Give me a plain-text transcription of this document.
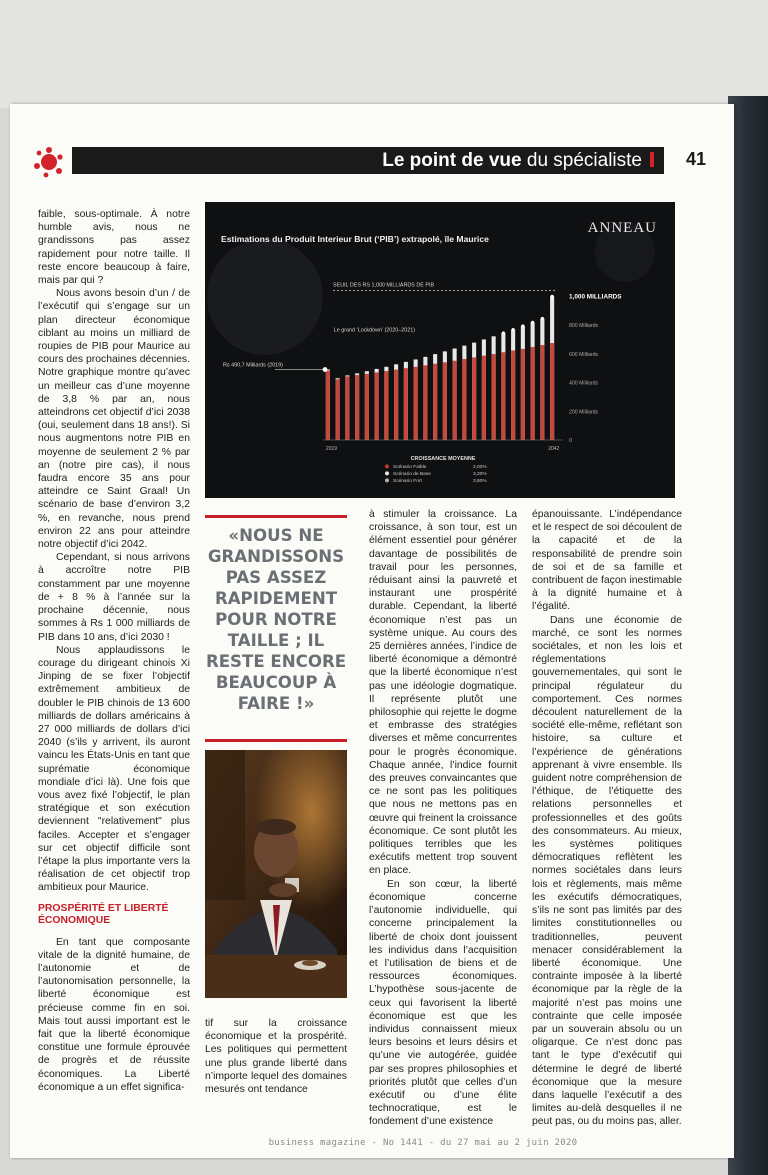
Le point de vue du spécialiste	41

faible, sous-optimale. À notre humble avis, nous ne grandissons pas assez rapidement pour notre taille. Il reste encore beaucoup à faire, mais par qui ?

Nous avons besoin d’un / de l’exécutif qui s’engage sur un plan directeur économique ciblant au moins un milliard de roupies de PIB pour Maurice au cours des prochaines décennies. Notre graphique montre qu’avec un meilleur cas d’une moyenne de 3,8 % par an, nous atteindrons cet objectif d’ici 2038 (oui, seulement dans 18 ans!). Si nous augmentons notre PIB en moyenne de seulement 2 % par an (notre pire cas), il nous faudra encore 35 ans pour atteindre ce Saint Graal! Un scénario de base d’environ 3,2 %, en revanche, nous prend environ 22 ans pour atteindre notre objectif d’ici 2042.

Cependant, si nous arrivons à accroître notre PIB constamment par une moyenne de + 8 % à l’année sur la prochaine décennie, nous sommes à Rs 1 000 milliards de PIB dans 10 ans, d’ici 2030 !

Nous applaudissons le courage du dirigeant chinois Xi Jinping de se fixer l’objectif extrêmement ambitieux de doubler le PIB chinois de 13 600 milliards de dollars américains à 27 000 milliards de dollars d’ici 2040 (s’ils y arrivent, ils auront vaincu les États-Unis en tant que suprématie économique mondiale d’ici là). Une fois que vous avez fixé l’objectif, le plan stratégique et son exécution deviennent "relativement" plus faciles. Accepter et s’engager sur cet objectif difficile sont l’étape la plus importante vers la réalisation de cet objectif trop ambitieux pour Maurice.

PROSPÉRITÉ ET LIBERTÉ ÉCONOMIQUE

En tant que composante vitale de la dignité humaine, de l’autonomie et de l’autonomisation personnelle, la liberté économique est précieuse comme fin en soi. Mais tout aussi important est le fait que la liberté économique constitue une formule éprouvée de progrès et de réussite économiques. La Liberté économique a un effet significa-

ANNEAU
Estimations du Produit Interieur Brut (‘PIB’) extrapolé, île Maurice
1,000 MILLIARDS
800 Milliards
600 Milliards
400 Milliards
200 Milliards
0
SEUIL DES RS 1,000 MILLIARDS DE PIB
Rs 490,7 Milliards (2019)
Le grand ‘Lockdown’ (2020–2021)
2019	2042
CROISSANCE MOYENNE
Scénario Faible	2,00%
Scénario de Base	3,20%
Scénario Fort	3,80%
«NOUS NE GRANDISSONS PAS ASSEZ RAPIDEMENT POUR NOTRE TAILLE ; IL RESTE ENCORE BEAUCOUP À FAIRE !»

tif sur la croissance économique et la prospérité. Les politiques qui permettent une plus grande liberté dans n’importe lequel des domaines mesurés ont tendance

à stimuler la croissance. La croissance, à son tour, est un élément essentiel pour générer davantage de possibilités de travail pour les personnes, réduisant ainsi la pauvreté et instaurant une prospérité durable. Cependant, la liberté économique n’est pas un système unique. Au cours des 25 dernières années, l’indice de liberté économique a démontré que la liberté économique n’est pas une idéologie dogmatique. Il représente plutôt une philosophie qui rejette le dogme et embrasse des stratégies diverses et même concurrentes pour le progrès économique. Chaque année, l’indice fournit des preuves convaincantes que ce ne sont pas les politiques que nous ne mettons pas en œuvre qui freinent la croissance économique. Ce sont plutôt les politiques terribles que les exécutifs mettent trop souvent en place.

En son cœur, la liberté économique concerne l’autonomie individuelle, qui concerne principalement la liberté de choix dont jouissent les individus dans l’acquisition et l’utilisation de biens et de ressources économiques. L’hypothèse sous-jacente de ceux qui favorisent la liberté économique est que les individus connaissent mieux leurs besoins et leurs désirs et qu’une vie autogérée, guidée par ses propres philosophies et priorités plutôt que celles d’un exécutif ou d’une élite technocratique, est le fondement d’une existence

épanouissante. L’indépendance et le respect de soi découlent de la capacité et de la responsabilité de prendre soin de soi et de sa famille et contribuent de façon inestimable à la dignité humaine et à l’égalité.

Dans une économie de marché, ce sont les normes sociétales, et non les lois et réglementations gouvernementales, qui sont le principal régulateur du comportement. Ces normes découlent naturellement de la société elle-même, reflétant son histoire, sa culture et l’expérience de générations apprenant à vivre ensemble. Ils guident notre compréhension de l’éthique, de l’étiquette des relations personnelles et professionnelles et des goûts des consommateurs. Au mieux, les systèmes politiques démocratiques reflètent les normes sociétales dans leurs lois et règlements, mais même les exécutifs démocratiques, s’ils ne sont pas limités par des limites constitutionnelles ou traditionnelles, peuvent menacer considérablement la liberté économique. Une contrainte imposée à la liberté économique par la règle de la majorité n’est pas moins une contrainte que celle imposée par un souverain absolu ou un oligarque. Ce n’est donc pas tant le type d’exécutif qui détermine le degré de liberté économique que la mesure dans laquelle l’exécutif a des limites au-delà desquelles il ne peut pas, ou du moins pas, aller.

business magazine - No 1441 - du 27 mai au 2 juin 2020
